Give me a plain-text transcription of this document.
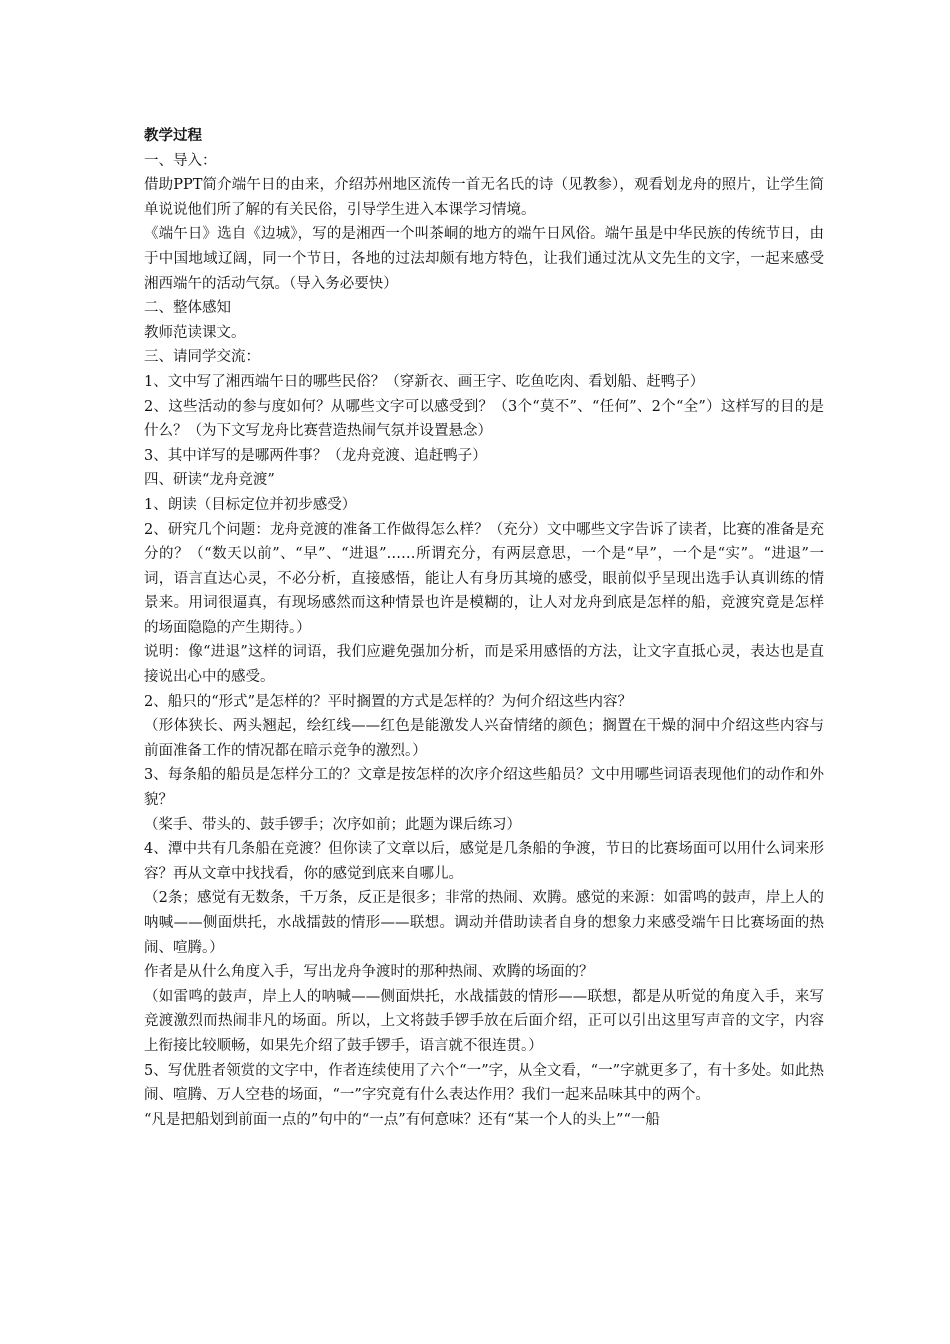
教学过程

一、导入：

借助PPT简介端午日的由来，介绍苏州地区流传一首无名氏的诗（见教参），观看划龙舟的照片，让学生简单说说他们所了解的有关民俗，引导学生进入本课学习情境。

《端午日》选自《边城》，写的是湘西一个叫茶峒的地方的端午日风俗。端午虽是中华民族的传统节日，由于中国地域辽阔，同一个节日，各地的过法却颇有地方特色，让我们通过沈从文先生的文字，一起来感受湘西端午的活动气氛。（导入务必要快）

二、整体感知

教师范读课文。

三、请同学交流：

1、文中写了湘西端午日的哪些民俗？（穿新衣、画王字、吃鱼吃肉、看划船、赶鸭子）

2、这些活动的参与度如何？从哪些文字可以感受到？（3个“莫不”、“任何”、2个“全”）这样写的目的是什么？（为下文写龙舟比赛营造热闹气氛并设置悬念）

3、其中详写的是哪两件事？（龙舟竞渡、追赶鸭子）

四、研读“龙舟竞渡”

1、朗读（目标定位并初步感受）

2、研究几个问题：龙舟竞渡的准备工作做得怎么样？（充分）文中哪些文字告诉了读者，比赛的准备是充分的？（“数天以前”、“早”、“进退”……所谓充分，有两层意思，一个是“早”，一个是“实”。“进退”一词，语言直达心灵，不必分析，直接感悟，能让人有身历其境的感受，眼前似乎呈现出选手认真训练的情景来。用词很逼真，有现场感然而这种情景也许是模糊的，让人对龙舟到底是怎样的船，竞渡究竟是怎样的场面隐隐的产生期待。）

说明：像“进退”这样的词语，我们应避免强加分析，而是采用感悟的方法，让文字直抵心灵，表达也是直接说出心中的感受。

2、船只的“形式”是怎样的？平时搁置的方式是怎样的？为何介绍这些内容？

（形体狭长、两头翘起，绘红线——红色是能激发人兴奋情绪的颜色；搁置在干燥的洞中介绍这些内容与前面准备工作的情况都在暗示竞争的激烈。）

3、每条船的船员是怎样分工的？文章是按怎样的次序介绍这些船员？文中用哪些词语表现他们的动作和外貌？

（桨手、带头的、鼓手锣手；次序如前；此题为课后练习）

4、潭中共有几条船在竞渡？但你读了文章以后，感觉是几条船的争渡，节日的比赛场面可以用什么词来形容？再从文章中找找看，你的感觉到底来自哪儿。

（2条；感觉有无数条，千万条，反正是很多；非常的热闹、欢腾。感觉的来源：如雷鸣的鼓声，岸上人的呐喊——侧面烘托，水战擂鼓的情形——联想。调动并借助读者自身的想象力来感受端午日比赛场面的热闹、喧腾。）

作者是从什么角度入手，写出龙舟争渡时的那种热闹、欢腾的场面的？

（如雷鸣的鼓声，岸上人的呐喊——侧面烘托，水战擂鼓的情形——联想，都是从听觉的角度入手，来写竞渡激烈而热闹非凡的场面。所以，上文将鼓手锣手放在后面介绍，正可以引出这里写声音的文字，内容上衔接比较顺畅，如果先介绍了鼓手锣手，语言就不很连贯。）

5、写优胜者领赏的文字中，作者连续使用了六个“一”字，从全文看，“一”字就更多了，有十多处。如此热闹、喧腾、万人空巷的场面，“一”字究竟有什么表达作用？我们一起来品味其中的两个。

“凡是把船划到前面一点的”句中的“一点”有何意味？还有“某一个人的头上”“一船
